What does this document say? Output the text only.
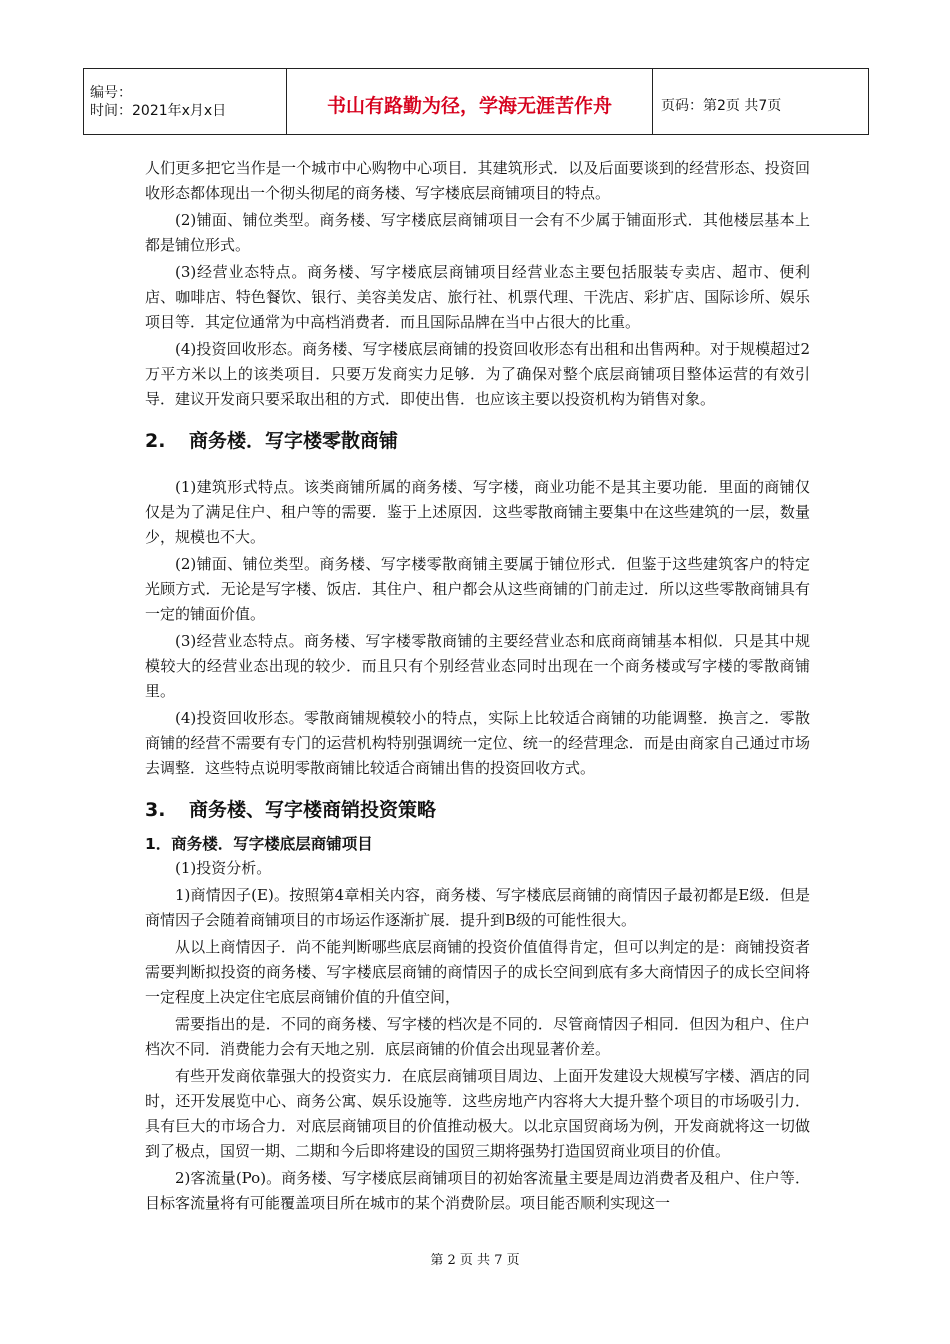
编号：
时间：2021年x月x日	书山有路勤为径，学海无涯苦作舟	页码：第2页 共7页

人们更多把它当作是一个城市中心购物中心项目．其建筑形式．以及后面要谈到的经营形态、投资回收形态都体现出一个彻头彻尾的商务楼、写字楼底层商铺项目的特点。

(2)铺面、铺位类型。商务楼、写字楼底层商铺项目一会有不少属于铺面形式．其他楼层基本上都是铺位形式。

(3)经营业态特点。商务楼、写字楼底层商铺项目经营业态主要包括服装专卖店、超市、便利店、咖啡店、特色餐饮、银行、美容美发店、旅行社、机票代理、干洗店、彩扩店、国际诊所、娱乐项目等．其定位通常为中高档消费者．而且国际品牌在当中占很大的比重。

(4)投资回收形态。商务楼、写字楼底层商铺的投资回收形态有出租和出售两种。对于规模超过2万平方米以上的该类项目．只要万发商实力足够．为了确保对整个底层商铺项目整体运营的有效引导．建议开发商只要采取出租的方式．即使出售．也应该主要以投资机构为销售对象。

2. 商务楼．写字楼零散商铺

(1)建筑形式特点。该类商铺所属的商务楼、写字楼，商业功能不是其主要功能．里面的商铺仅仅是为了满足住户、租户等的需要．鉴于上述原因．这些零散商铺主要集中在这些建筑的一层，数量少，规模也不大。

(2)铺面、铺位类型。商务楼、写字楼零散商铺主要属于铺位形式．但鉴于这些建筑客户的特定光顾方式．无论是写字楼、饭店．其住户、租户都会从这些商铺的门前走过．所以这些零散商铺具有一定的铺面价值。

(3)经营业态特点。商务楼、写字楼零散商铺的主要经营业态和底商商铺基本相似．只是其中规模较大的经营业态出现的较少．而且只有个别经营业态同时出现在一个商务楼或写字楼的零散商铺里。

(4)投资回收形态。零散商铺规模较小的特点，实际上比较适合商铺的功能调整．换言之．零散商铺的经营不需要有专门的运营机构特别强调统一定位、统一的经营理念．而是由商家自己通过市场去调整．这些特点说明零散商铺比较适合商铺出售的投资回收方式。

3. 商务楼、写字楼商销投资策略
1．商务楼．写字楼底层商铺项目

(1)投资分析。

1)商情因子(E)。按照第4章相关内容，商务楼、写字楼底层商铺的商情因子最初都是E级．但是商情因子会随着商铺项目的市场运作逐渐扩展．提升到B级的可能性很大。

从以上商情因子．尚不能判断哪些底层商铺的投资价值值得肯定，但可以判定的是：商铺投资者需要判断拟投资的商务楼、写字楼底层商铺的商情因子的成长空间到底有多大商情因子的成长空间将一定程度上决定住宅底层商铺价值的升值空间，

需要指出的是．不同的商务楼、写字楼的档次是不同的．尽管商情因子相同．但因为租户、住户档次不同．消费能力会有天地之别．底层商铺的价值会出现显著价差。

有些开发商依靠强大的投资实力．在底层商铺项目周边、上面开发建设大规模写字楼、酒店的同时，还开发展览中心、商务公寓、娱乐设施等．这些房地产内容将大大提升整个项目的市场吸引力．具有巨大的市场合力．对底层商铺项目的价值推动极大。以北京国贸商场为例，开发商就将这一切做到了极点，国贸一期、二期和今后即将建设的国贸三期将强势打造国贸商业项目的价值。

2)客流量(Po)。商务楼、写字楼底层商铺项目的初始客流量主要是周边消费者及租户、住户等．目标客流量将有可能覆盖项目所在城市的某个消费阶层。项目能否顺利实现这一

第 2 页 共 7 页
